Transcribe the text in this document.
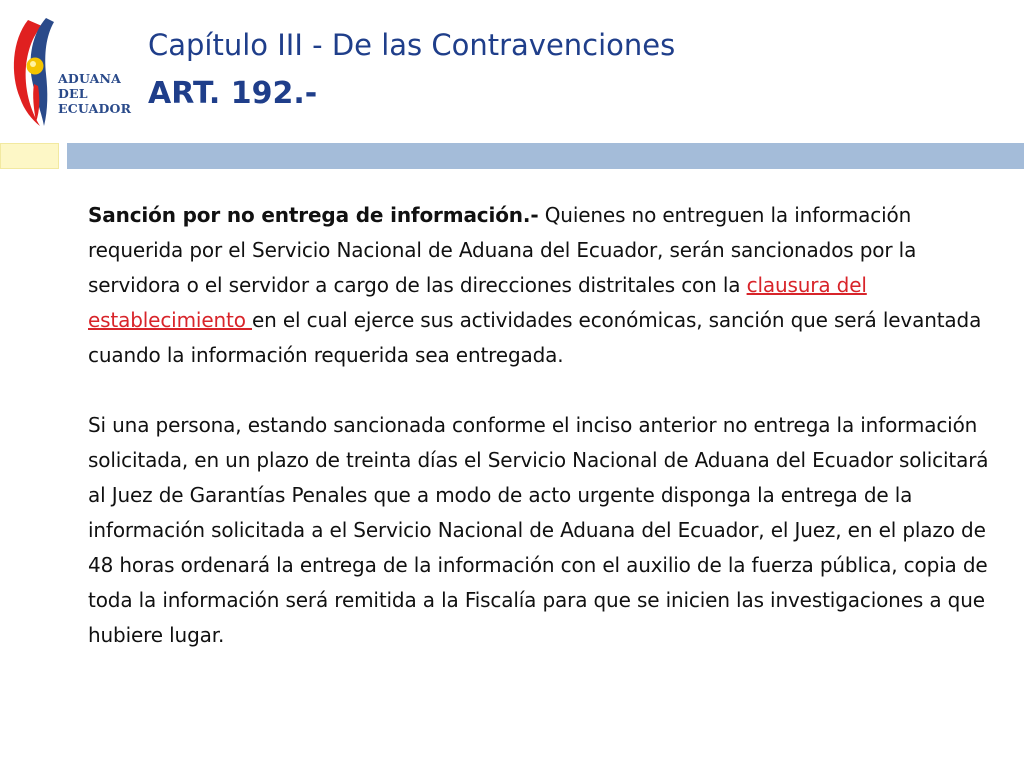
ADUANA
DEL
ECUADOR
Capítulo III - De las Contravenciones
ART. 192.-

Sanción por no entrega de información.- Quienes no entreguen la información requerida por el Servicio Nacional de Aduana del Ecuador, serán sancionados por la servidora o el servidor a cargo de las direcciones distritales con la clausura del establecimiento en el cual ejerce sus actividades económicas, sanción que será levantada cuando la información requerida sea entregada.

Si una persona, estando sancionada conforme el inciso anterior no entrega la información solicitada, en un plazo de treinta días el Servicio Nacional de Aduana del Ecuador solicitará al Juez de Garantías Penales que a modo de acto urgente disponga la entrega de la información solicitada a el Servicio Nacional de Aduana del Ecuador, el Juez, en el plazo de 48 horas ordenará la entrega de la información con el auxilio de la fuerza pública, copia de toda la información será remitida a la Fiscalía para que se inicien las investigaciones a que hubiere lugar.
